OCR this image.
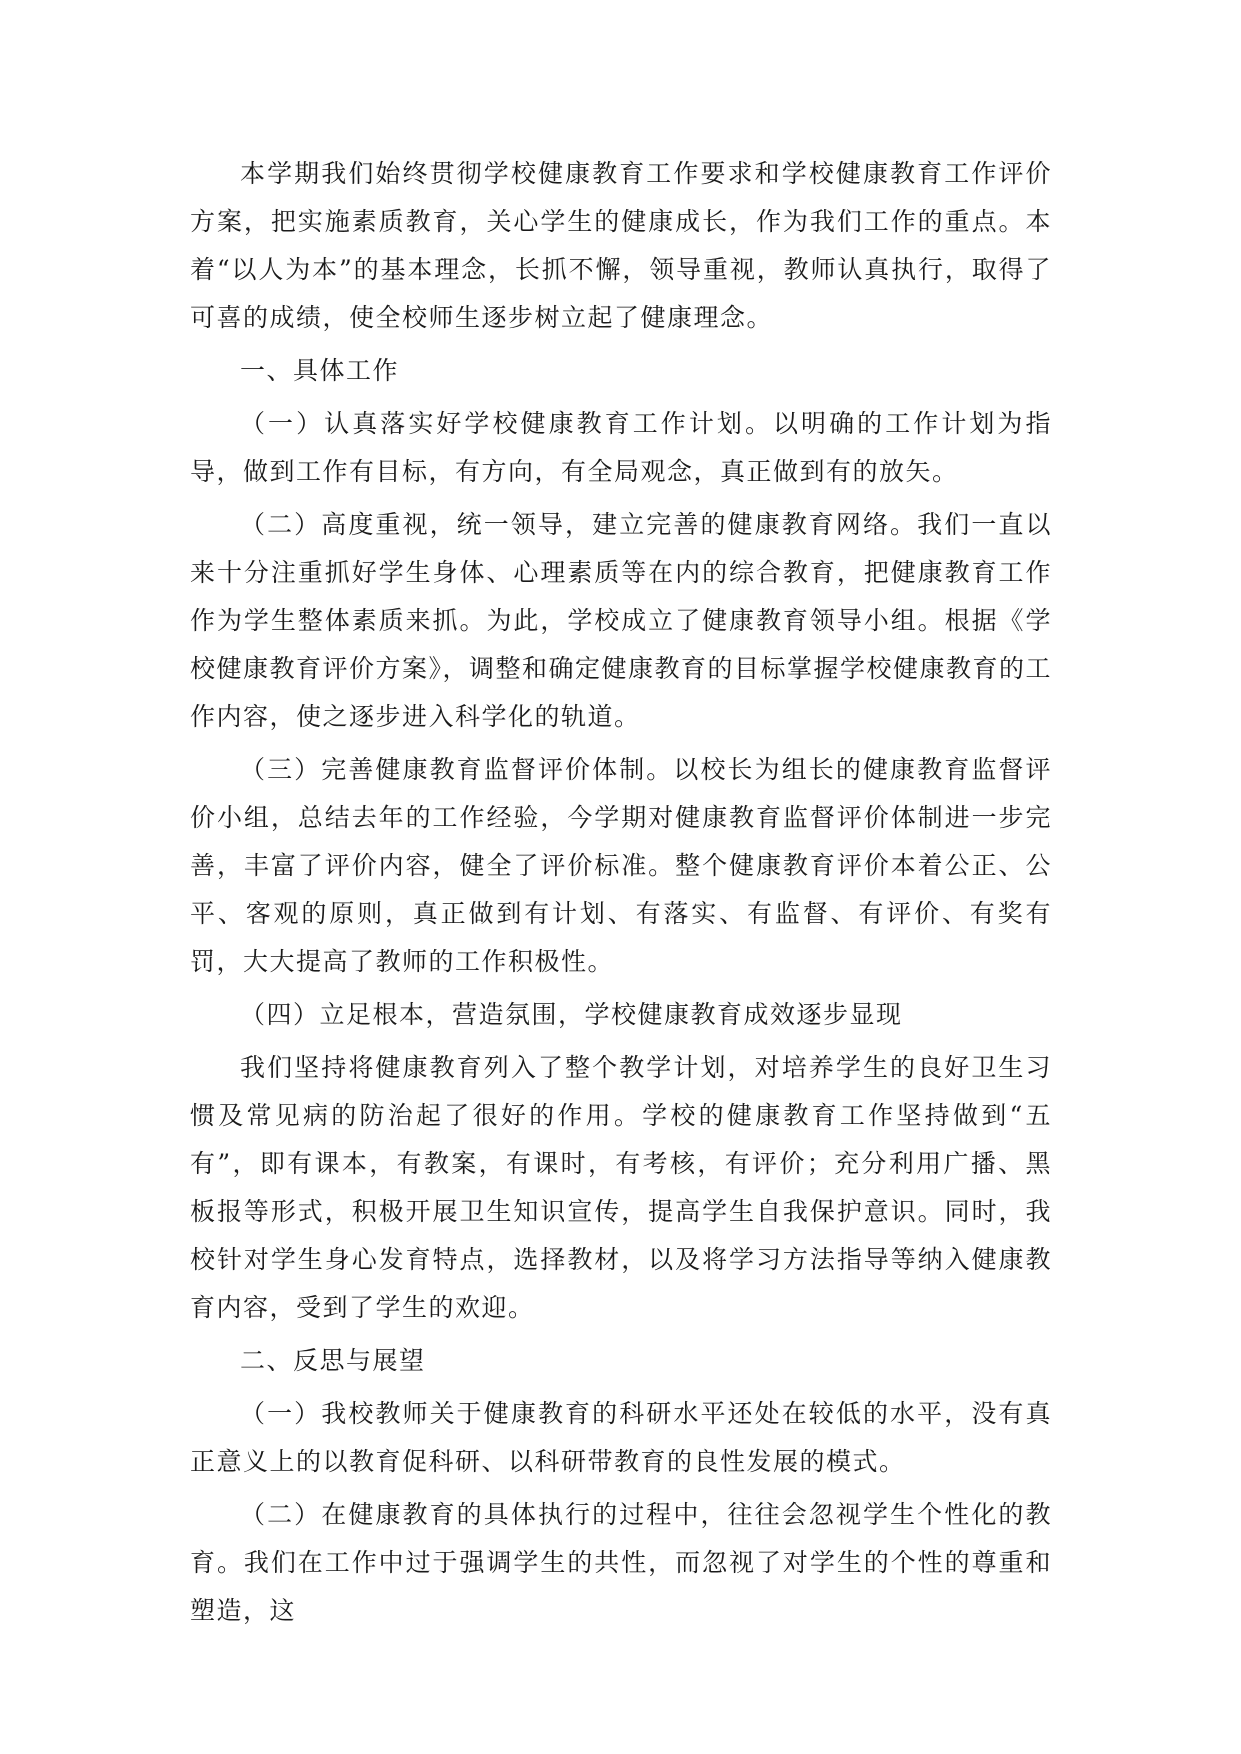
本学期我们始终贯彻学校健康教育工作要求和学校健康教育工作评价方案，把实施素质教育，关心学生的健康成长，作为我们工作的重点。本着“以人为本”的基本理念，长抓不懈，领导重视，教师认真执行，取得了可喜的成绩，使全校师生逐步树立起了健康理念。

一、具体工作

（一）认真落实好学校健康教育工作计划。以明确的工作计划为指导，做到工作有目标，有方向，有全局观念，真正做到有的放矢。

（二）高度重视，统一领导，建立完善的健康教育网络。我们一直以来十分注重抓好学生身体、心理素质等在内的综合教育，把健康教育工作作为学生整体素质来抓。为此，学校成立了健康教育领导小组。根据《学校健康教育评价方案》，调整和确定健康教育的目标掌握学校健康教育的工作内容，使之逐步进入科学化的轨道。

（三）完善健康教育监督评价体制。以校长为组长的健康教育监督评价小组，总结去年的工作经验，今学期对健康教育监督评价体制进一步完善，丰富了评价内容，健全了评价标准。整个健康教育评价本着公正、公平、客观的原则，真正做到有计划、有落实、有监督、有评价、有奖有罚，大大提高了教师的工作积极性。

（四）立足根本，营造氛围，学校健康教育成效逐步显现

我们坚持将健康教育列入了整个教学计划，对培养学生的良好卫生习惯及常见病的防治起了很好的作用。学校的健康教育工作坚持做到“五有”，即有课本，有教案，有课时，有考核，有评价；充分利用广播、黑板报等形式，积极开展卫生知识宣传，提高学生自我保护意识。同时，我校针对学生身心发育特点，选择教材，以及将学习方法指导等纳入健康教育内容，受到了学生的欢迎。

二、反思与展望

（一）我校教师关于健康教育的科研水平还处在较低的水平，没有真正意义上的以教育促科研、以科研带教育的良性发展的模式。

（二）在健康教育的具体执行的过程中，往往会忽视学生个性化的教育。我们在工作中过于强调学生的共性，而忽视了对学生的个性的尊重和塑造，这
